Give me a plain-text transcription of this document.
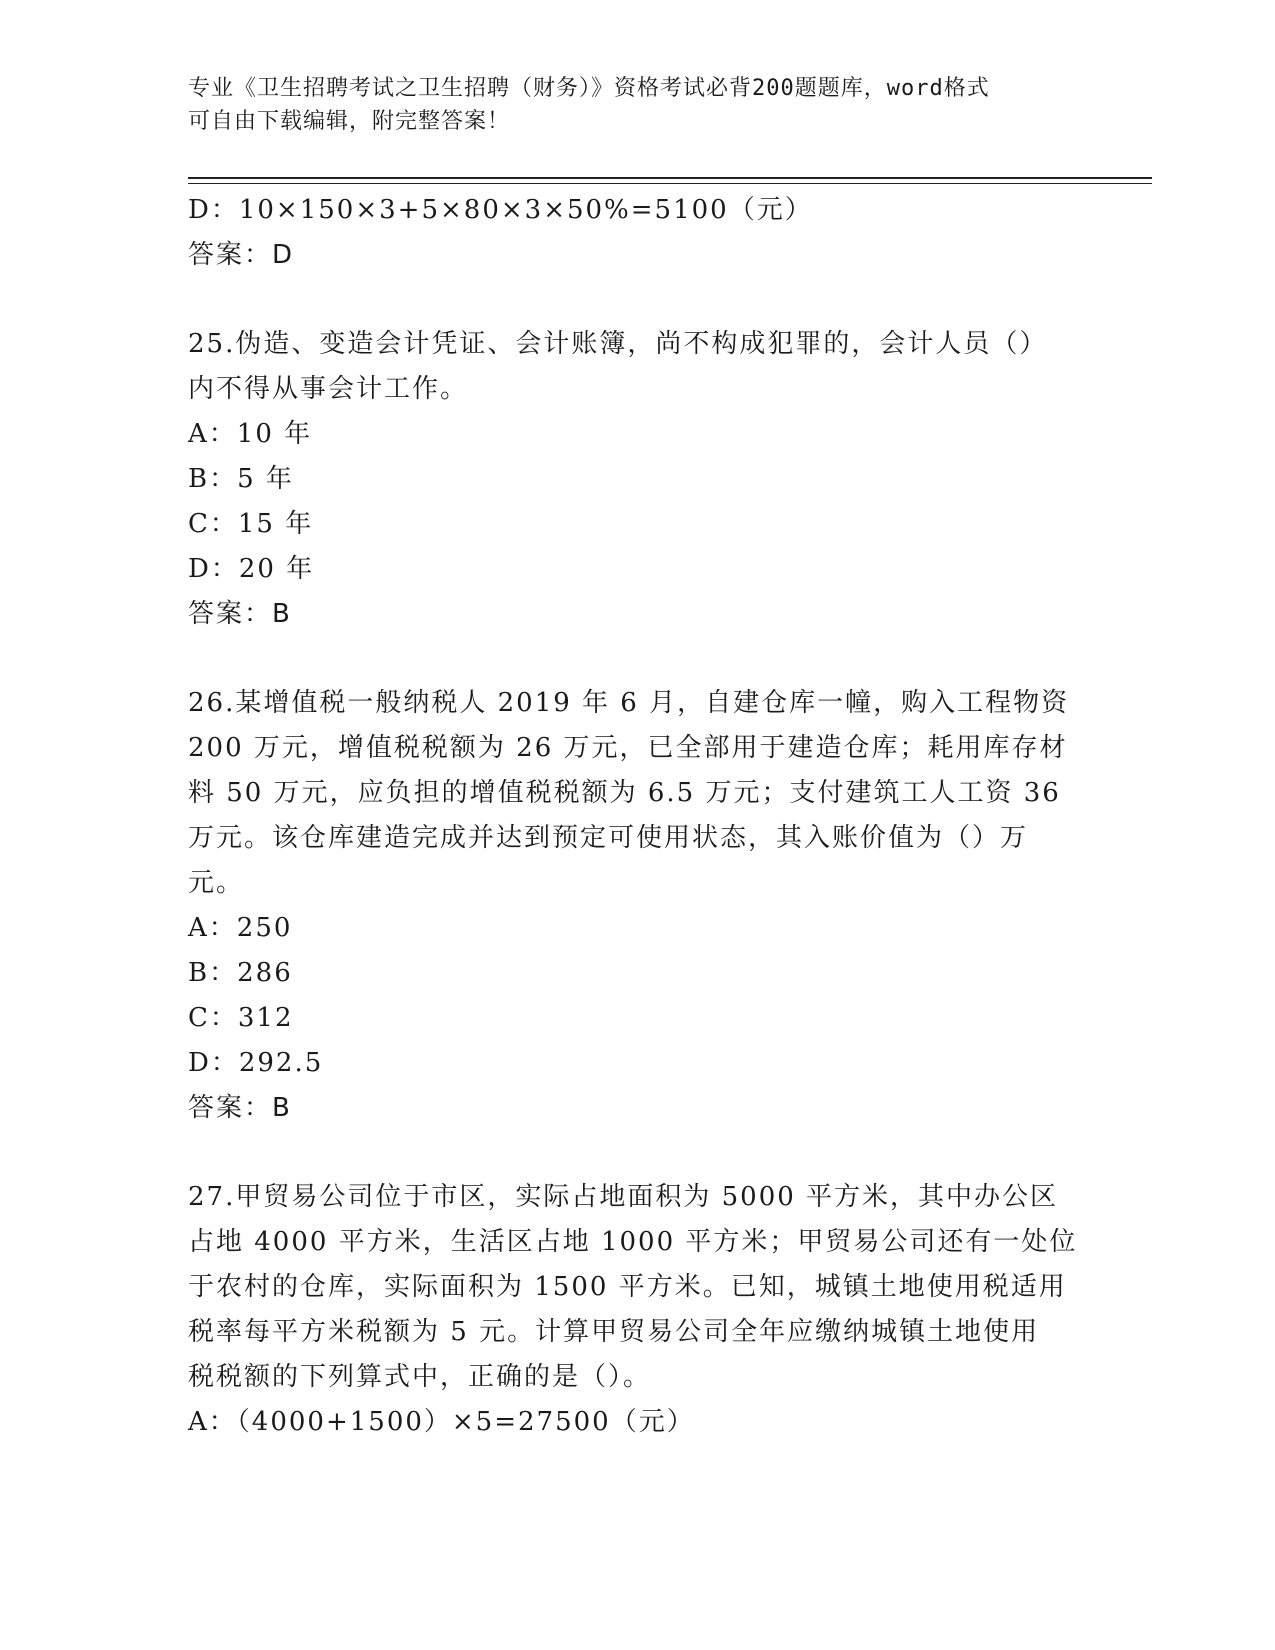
专业《卫生招聘考试之卫生招聘（财务）》资格考试必背200题题库，word格式
可自由下载编辑，附完整答案！
D：10×150×3+5×80×3×50%=5100（元）
答案：D
25.伪造、变造会计凭证、会计账簿，尚不构成犯罪的，会计人员（）
内不得从事会计工作。
A：10 年
B：5 年
C：15 年
D：20 年
答案：B
26.某增值税一般纳税人 2019 年 6 月，自建仓库一幢，购入工程物资
200 万元，增值税税额为 26 万元，已全部用于建造仓库；耗用库存材
料 50 万元，应负担的增值税税额为 6.5 万元；支付建筑工人工资 36
万元。该仓库建造完成并达到预定可使用状态，其入账价值为（）万
元。
A：250
B：286
C：312
D：292.5
答案：B
27.甲贸易公司位于市区，实际占地面积为 5000 平方米，其中办公区
占地 4000 平方米，生活区占地 1000 平方米；甲贸易公司还有一处位
于农村的仓库，实际面积为 1500 平方米。已知，城镇土地使用税适用
税率每平方米税额为 5 元。计算甲贸易公司全年应缴纳城镇土地使用
税税额的下列算式中，正确的是（）。
A：（4000+1500）×5=27500（元）
